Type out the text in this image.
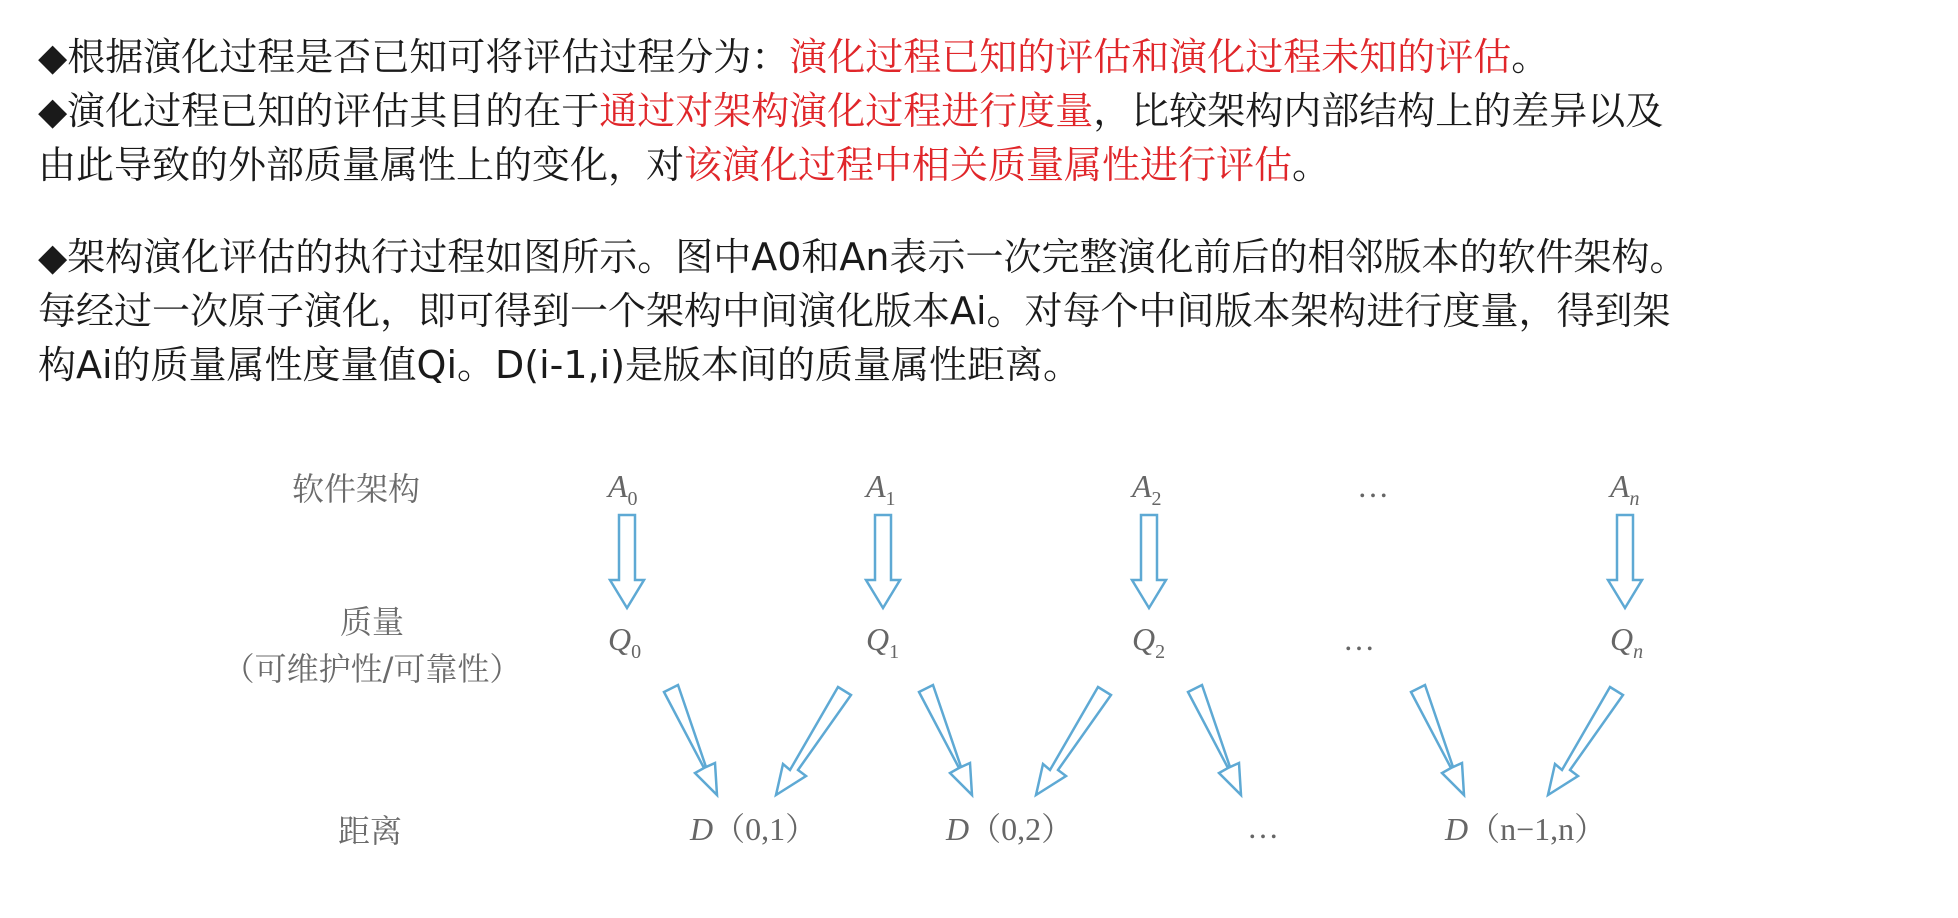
◆根据演化过程是否已知可将评估过程分为：演化过程已知的评估和演化过程未知的评估。
◆演化过程已知的评估其目的在于通过对架构演化过程进行度量，比较架构内部结构上的差异以及
由此导致的外部质量属性上的变化，对该演化过程中相关质量属性进行评估。
◆架构演化评估的执行过程如图所示。图中A0和An表示一次完整演化前后的相邻版本的软件架构。
每经过一次原子演化，即可得到一个架构中间演化版本Ai。对每个中间版本架构进行度量，得到架
构Ai的质量属性度量值Qi。D(i-1,i)是版本间的质量属性距离。
软件架构
质量
（可维护性/可靠性）
距离
$A_0$	$A_1$	$A_2$	…	$A_n$
$Q_0$	$Q_1$	$Q_2$	…	$Q_n$
D（0,1）	D（0,2）	…	D（n−1,n）
